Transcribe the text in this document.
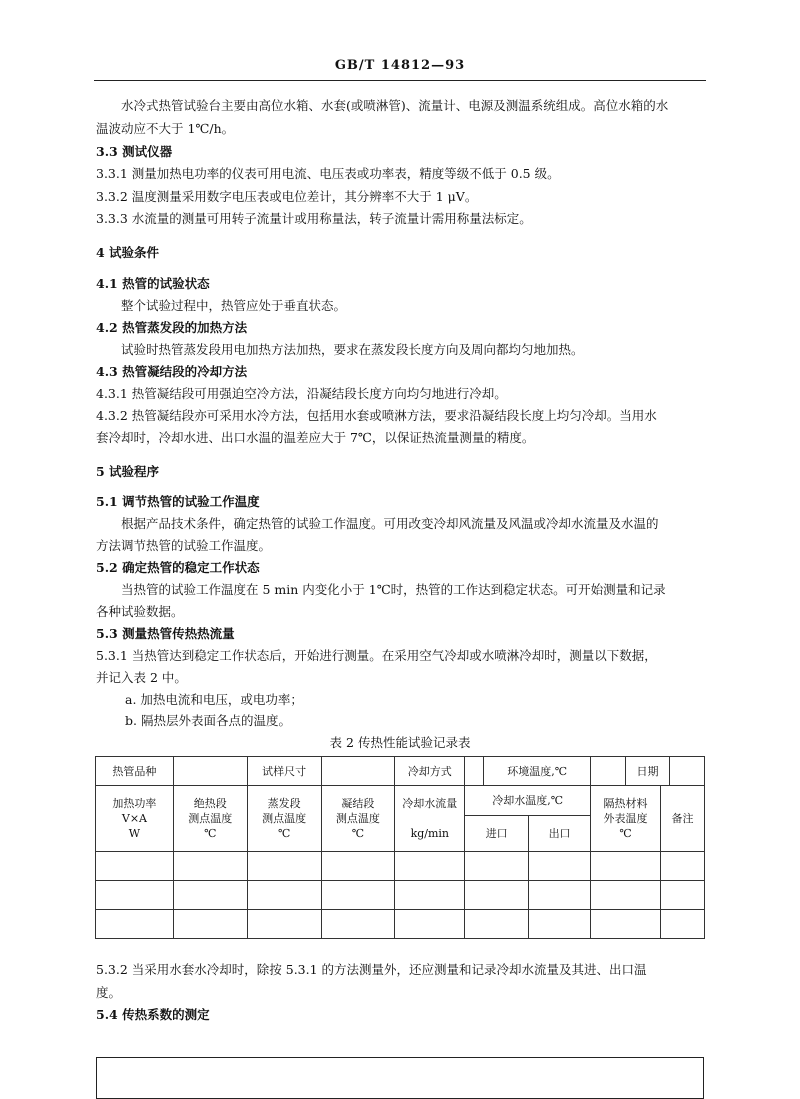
GB/T 14812—93
水冷式热管试验台主要由高位水箱、水套(或喷淋管)、流量计、电源及测温系统组成。高位水箱的水
温波动应不大于 1℃/h。
3.3 测试仪器
3.3.1 测量加热电功率的仪表可用电流、电压表或功率表，精度等级不低于 0.5 级。
3.3.2 温度测量采用数字电压表或电位差计，其分辨率不大于 1 μV。
3.3.3 水流量的测量可用转子流量计或用称量法，转子流量计需用称量法标定。
4 试验条件
4.1 热管的试验状态
整个试验过程中，热管应处于垂直状态。
4.2 热管蒸发段的加热方法
试验时热管蒸发段用电加热方法加热，要求在蒸发段长度方向及周向都均匀地加热。
4.3 热管凝结段的冷却方法
4.3.1 热管凝结段可用强迫空冷方法，沿凝结段长度方向均匀地进行冷却。
4.3.2 热管凝结段亦可采用水冷方法，包括用水套或喷淋方法，要求沿凝结段长度上均匀冷却。当用水
套冷却时，冷却水进、出口水温的温差应大于 7℃，以保证热流量测量的精度。
5 试验程序
5.1 调节热管的试验工作温度
根据产品技术条件，确定热管的试验工作温度。可用改变冷却风流量及风温或冷却水流量及水温的
方法调节热管的试验工作温度。
5.2 确定热管的稳定工作状态
当热管的试验工作温度在 5 min 内变化小于 1℃时，热管的工作达到稳定状态。可开始测量和记录
各种试验数据。
5.3 测量热管传热热流量
5.3.1 当热管达到稳定工作状态后，开始进行测量。在采用空气冷却或水喷淋冷却时，测量以下数据，
并记入表 2 中。
a. 加热电流和电压，或电功率；
b. 隔热层外表面各点的温度。
表 2 传热性能试验记录表
热管品种		试样尺寸		冷却方式	环境温度,℃		日期	

加热功率
V×A
W	绝热段
测点温度
℃	蒸发段
测点温度
℃	凝结段
测点温度
℃	冷却水流量

kg/min	冷却水温度,℃		隔热材料
外表温度
℃	备注
					进口	出口		

5.3.2 当采用水套水冷却时，除按 5.3.1 的方法测量外，还应测量和记录冷却水流量及其进、出口温
度。
5.4 传热系数的测定
